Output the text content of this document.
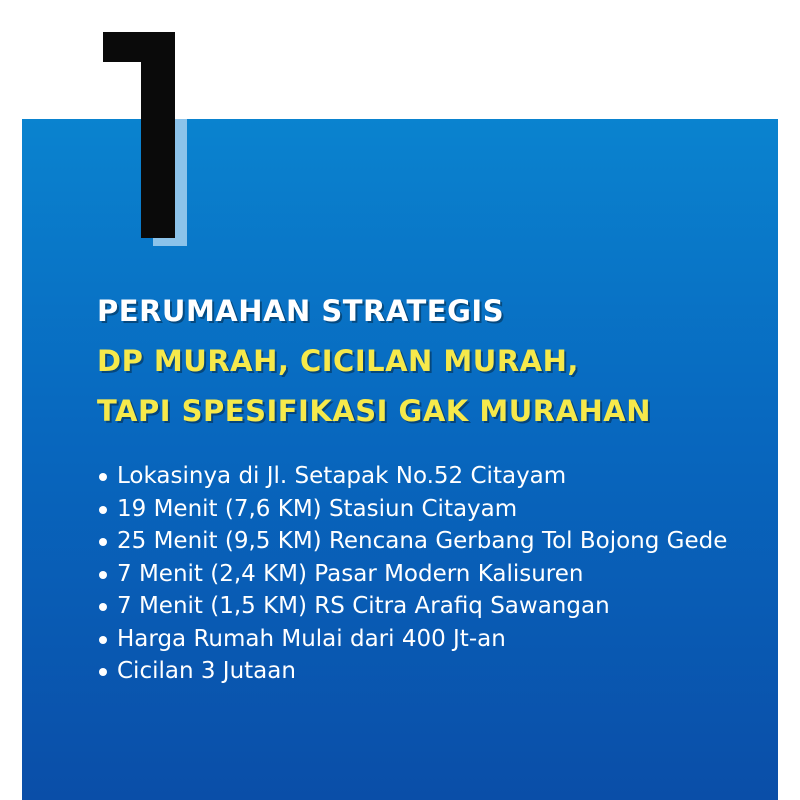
PERUMAHAN STRATEGIS
DP MURAH, CICILAN MURAH,
TAPI SPESIFIKASI GAK MURAHAN
Lokasinya di Jl. Setapak No.52 Citayam
19 Menit (7,6 KM) Stasiun Citayam
25 Menit (9,5 KM) Rencana Gerbang Tol Bojong Gede
7 Menit (2,4 KM) Pasar Modern Kalisuren
7 Menit (1,5 KM) RS Citra Arafiq Sawangan
Harga Rumah Mulai dari 400 Jt-an
Cicilan 3 Jutaan
